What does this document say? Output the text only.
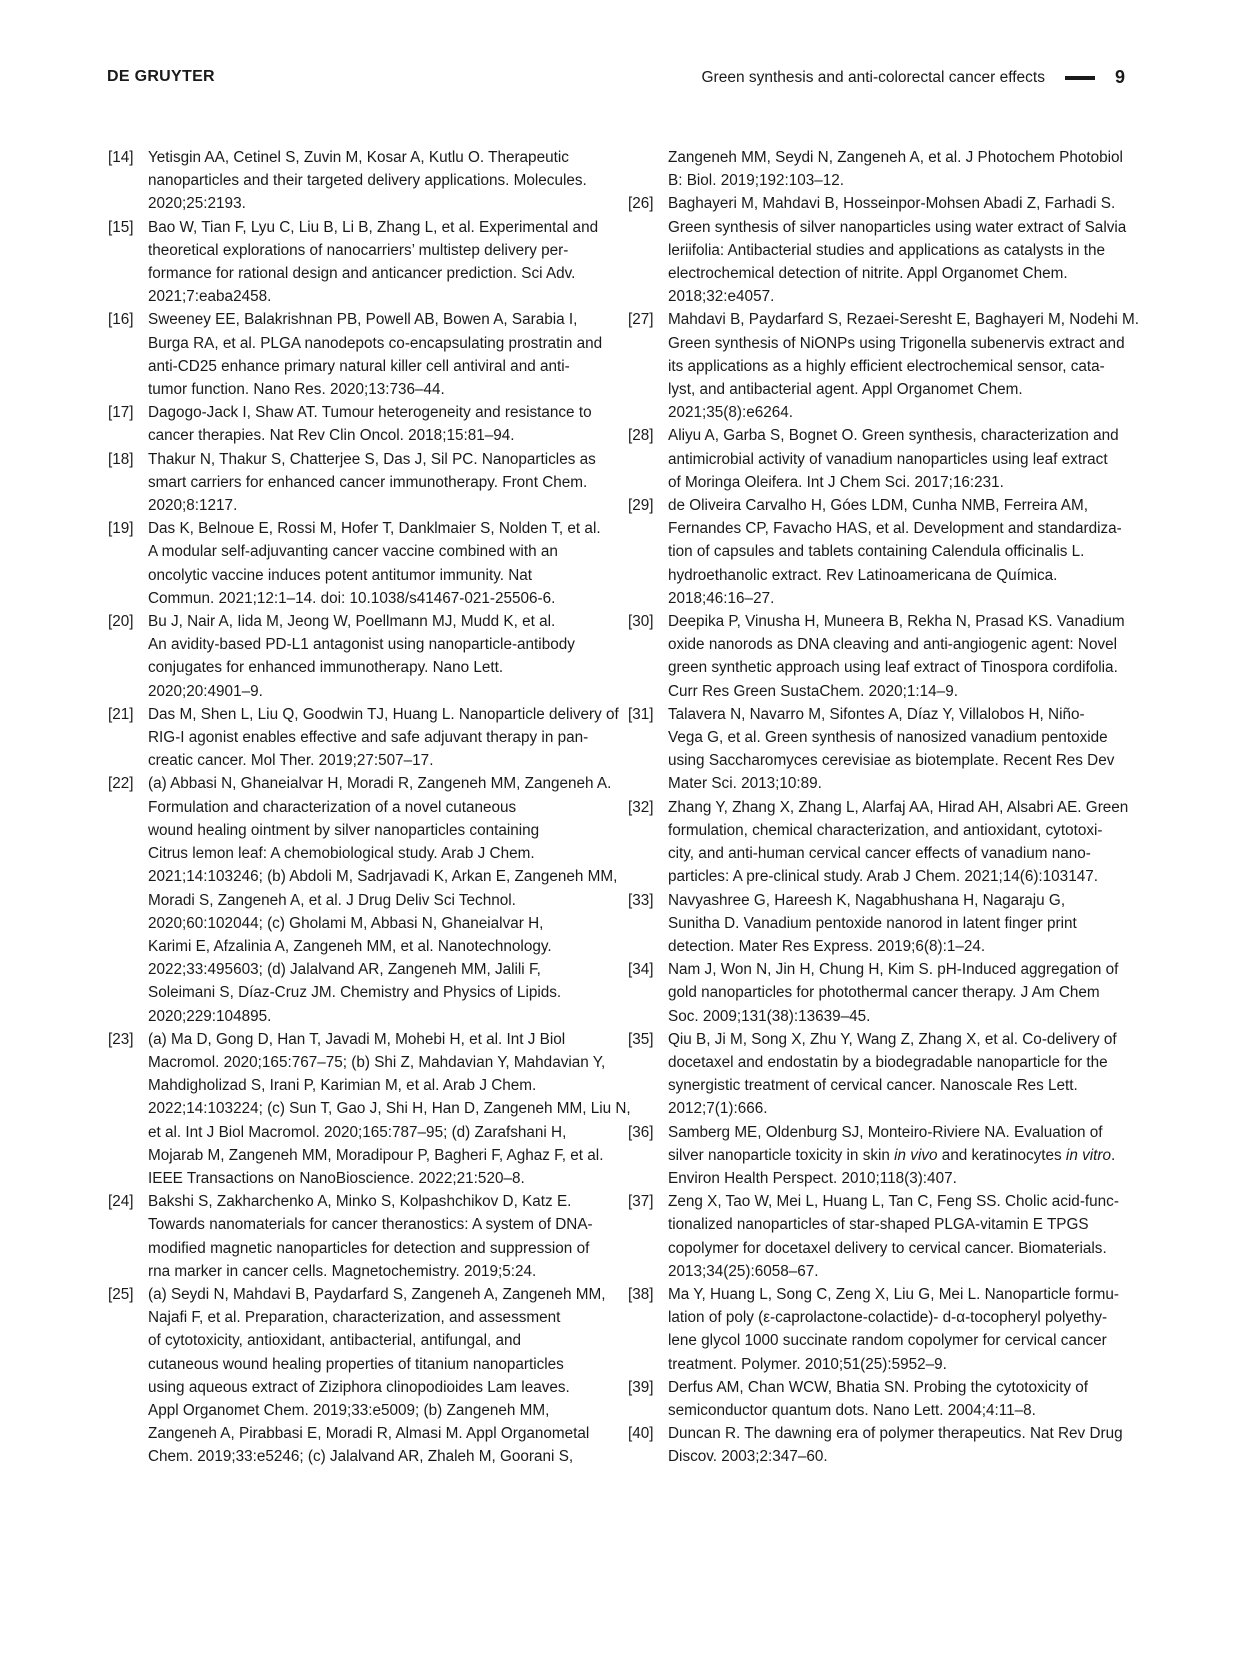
DE GRUYTER	Green synthesis and anti-colorectal cancer effects	9
[14] Yetisgin AA, Cetinel S, Zuvin M, Kosar A, Kutlu O. Therapeutic
nanoparticles and their targeted delivery applications. Molecules.
2020;25:2193.
[15] Bao W, Tian F, Lyu C, Liu B, Li B, Zhang L, et al. Experimental and
theoretical explorations of nanocarriers’ multistep delivery per-
formance for rational design and anticancer prediction. Sci Adv.
2021;7:eaba2458.
[16] Sweeney EE, Balakrishnan PB, Powell AB, Bowen A, Sarabia I,
Burga RA, et al. PLGA nanodepots co-encapsulating prostratin and
anti-CD25 enhance primary natural killer cell antiviral and anti-
tumor function. Nano Res. 2020;13:736–44.
[17] Dagogo-Jack I, Shaw AT. Tumour heterogeneity and resistance to
cancer therapies. Nat Rev Clin Oncol. 2018;15:81–94.
[18] Thakur N, Thakur S, Chatterjee S, Das J, Sil PC. Nanoparticles as
smart carriers for enhanced cancer immunotherapy. Front Chem.
2020;8:1217.
[19] Das K, Belnoue E, Rossi M, Hofer T, Danklmaier S, Nolden T, et al.
A modular self-adjuvanting cancer vaccine combined with an
oncolytic vaccine induces potent antitumor immunity. Nat
Commun. 2021;12:1–14. doi: 10.1038/s41467-021-25506-6.
[20] Bu J, Nair A, Iida M, Jeong W, Poellmann MJ, Mudd K, et al.
An avidity-based PD-L1 antagonist using nanoparticle-antibody
conjugates for enhanced immunotherapy. Nano Lett.
2020;20:4901–9.
[21] Das M, Shen L, Liu Q, Goodwin TJ, Huang L. Nanoparticle delivery of
RIG-I agonist enables effective and safe adjuvant therapy in pan-
creatic cancer. Mol Ther. 2019;27:507–17.
[22] (a) Abbasi N, Ghaneialvar H, Moradi R, Zangeneh MM, Zangeneh A.
Formulation and characterization of a novel cutaneous
wound healing ointment by silver nanoparticles containing
Citrus lemon leaf: A chemobiological study. Arab J Chem.
2021;14:103246; (b) Abdoli M, Sadrjavadi K, Arkan E, Zangeneh MM,
Moradi S, Zangeneh A, et al. J Drug Deliv Sci Technol.
2020;60:102044; (c) Gholami M, Abbasi N, Ghaneialvar H,
Karimi E, Afzalinia A, Zangeneh MM, et al. Nanotechnology.
2022;33:495603; (d) Jalalvand AR, Zangeneh MM, Jalili F,
Soleimani S, Díaz-Cruz JM. Chemistry and Physics of Lipids.
2020;229:104895.
[23] (a) Ma D, Gong D, Han T, Javadi M, Mohebi H, et al. Int J Biol
Macromol. 2020;165:767–75; (b) Shi Z, Mahdavian Y, Mahdavian Y,
Mahdigholizad S, Irani P, Karimian M, et al. Arab J Chem.
2022;14:103224; (c) Sun T, Gao J, Shi H, Han D, Zangeneh MM, Liu N,
et al. Int J Biol Macromol. 2020;165:787–95; (d) Zarafshani H,
Mojarab M, Zangeneh MM, Moradipour P, Bagheri F, Aghaz F, et al.
IEEE Transactions on NanoBioscience. 2022;21:520–8.
[24] Bakshi S, Zakharchenko A, Minko S, Kolpashchikov D, Katz E.
Towards nanomaterials for cancer theranostics: A system of DNA-
modified magnetic nanoparticles for detection and suppression of
rna marker in cancer cells. Magnetochemistry. 2019;5:24.
[25] (a) Seydi N, Mahdavi B, Paydarfard S, Zangeneh A, Zangeneh MM,
Najafi F, et al. Preparation, characterization, and assessment
of cytotoxicity, antioxidant, antibacterial, antifungal, and
cutaneous wound healing properties of titanium nanoparticles
using aqueous extract of Ziziphora clinopodioides Lam leaves.
Appl Organomet Chem. 2019;33:e5009; (b) Zangeneh MM,
Zangeneh A, Pirabbasi E, Moradi R, Almasi M. Appl Organometal
Chem. 2019;33:e5246; (c) Jalalvand AR, Zhaleh M, Goorani S,
Zangeneh MM, Seydi N, Zangeneh A, et al. J Photochem Photobiol
B: Biol. 2019;192:103–12.
[26] Baghayeri M, Mahdavi B, Hosseinpor-Mohsen Abadi Z, Farhadi S.
Green synthesis of silver nanoparticles using water extract of Salvia
leriifolia: Antibacterial studies and applications as catalysts in the
electrochemical detection of nitrite. Appl Organomet Chem.
2018;32:e4057.
[27] Mahdavi B, Paydarfard S, Rezaei-Seresht E, Baghayeri M, Nodehi M.
Green synthesis of NiONPs using Trigonella subenervis extract and
its applications as a highly efficient electrochemical sensor, cata-
lyst, and antibacterial agent. Appl Organomet Chem.
2021;35(8):e6264.
[28] Aliyu A, Garba S, Bognet O. Green synthesis, characterization and
antimicrobial activity of vanadium nanoparticles using leaf extract
of Moringa Oleifera. Int J Chem Sci. 2017;16:231.
[29] de Oliveira Carvalho H, Góes LDM, Cunha NMB, Ferreira AM,
Fernandes CP, Favacho HAS, et al. Development and standardiza-
tion of capsules and tablets containing Calendula officinalis L.
hydroethanolic extract. Rev Latinoamericana de Química.
2018;46:16–27.
[30] Deepika P, Vinusha H, Muneera B, Rekha N, Prasad KS. Vanadium
oxide nanorods as DNA cleaving and anti-angiogenic agent: Novel
green synthetic approach using leaf extract of Tinospora cordifolia.
Curr Res Green SustaChem. 2020;1:14–9.
[31] Talavera N, Navarro M, Sifontes A, Díaz Y, Villalobos H, Niño-
Vega G, et al. Green synthesis of nanosized vanadium pentoxide
using Saccharomyces cerevisiae as biotemplate. Recent Res Dev
Mater Sci. 2013;10:89.
[32] Zhang Y, Zhang X, Zhang L, Alarfaj AA, Hirad AH, Alsabri AE. Green
formulation, chemical characterization, and antioxidant, cytotoxi-
city, and anti-human cervical cancer effects of vanadium nano-
particles: A pre-clinical study. Arab J Chem. 2021;14(6):103147.
[33] Navyashree G, Hareesh K, Nagabhushana H, Nagaraju G,
Sunitha D. Vanadium pentoxide nanorod in latent finger print
detection. Mater Res Express. 2019;6(8):1–24.
[34] Nam J, Won N, Jin H, Chung H, Kim S. pH-Induced aggregation of
gold nanoparticles for photothermal cancer therapy. J Am Chem
Soc. 2009;131(38):13639–45.
[35] Qiu B, Ji M, Song X, Zhu Y, Wang Z, Zhang X, et al. Co-delivery of
docetaxel and endostatin by a biodegradable nanoparticle for the
synergistic treatment of cervical cancer. Nanoscale Res Lett.
2012;7(1):666.
[36] Samberg ME, Oldenburg SJ, Monteiro-Riviere NA. Evaluation of
silver nanoparticle toxicity in skin in vivo and keratinocytes in vitro.
Environ Health Perspect. 2010;118(3):407.
[37] Zeng X, Tao W, Mei L, Huang L, Tan C, Feng SS. Cholic acid-func-
tionalized nanoparticles of star-shaped PLGA-vitamin E TPGS
copolymer for docetaxel delivery to cervical cancer. Biomaterials.
2013;34(25):6058–67.
[38] Ma Y, Huang L, Song C, Zeng X, Liu G, Mei L. Nanoparticle formu-
lation of poly (ε-caprolactone-colactide)- d-α-tocopheryl polyethy-
lene glycol 1000 succinate random copolymer for cervical cancer
treatment. Polymer. 2010;51(25):5952–9.
[39] Derfus AM, Chan WCW, Bhatia SN. Probing the cytotoxicity of
semiconductor quantum dots. Nano Lett. 2004;4:11–8.
[40] Duncan R. The dawning era of polymer therapeutics. Nat Rev Drug
Discov. 2003;2:347–60.
